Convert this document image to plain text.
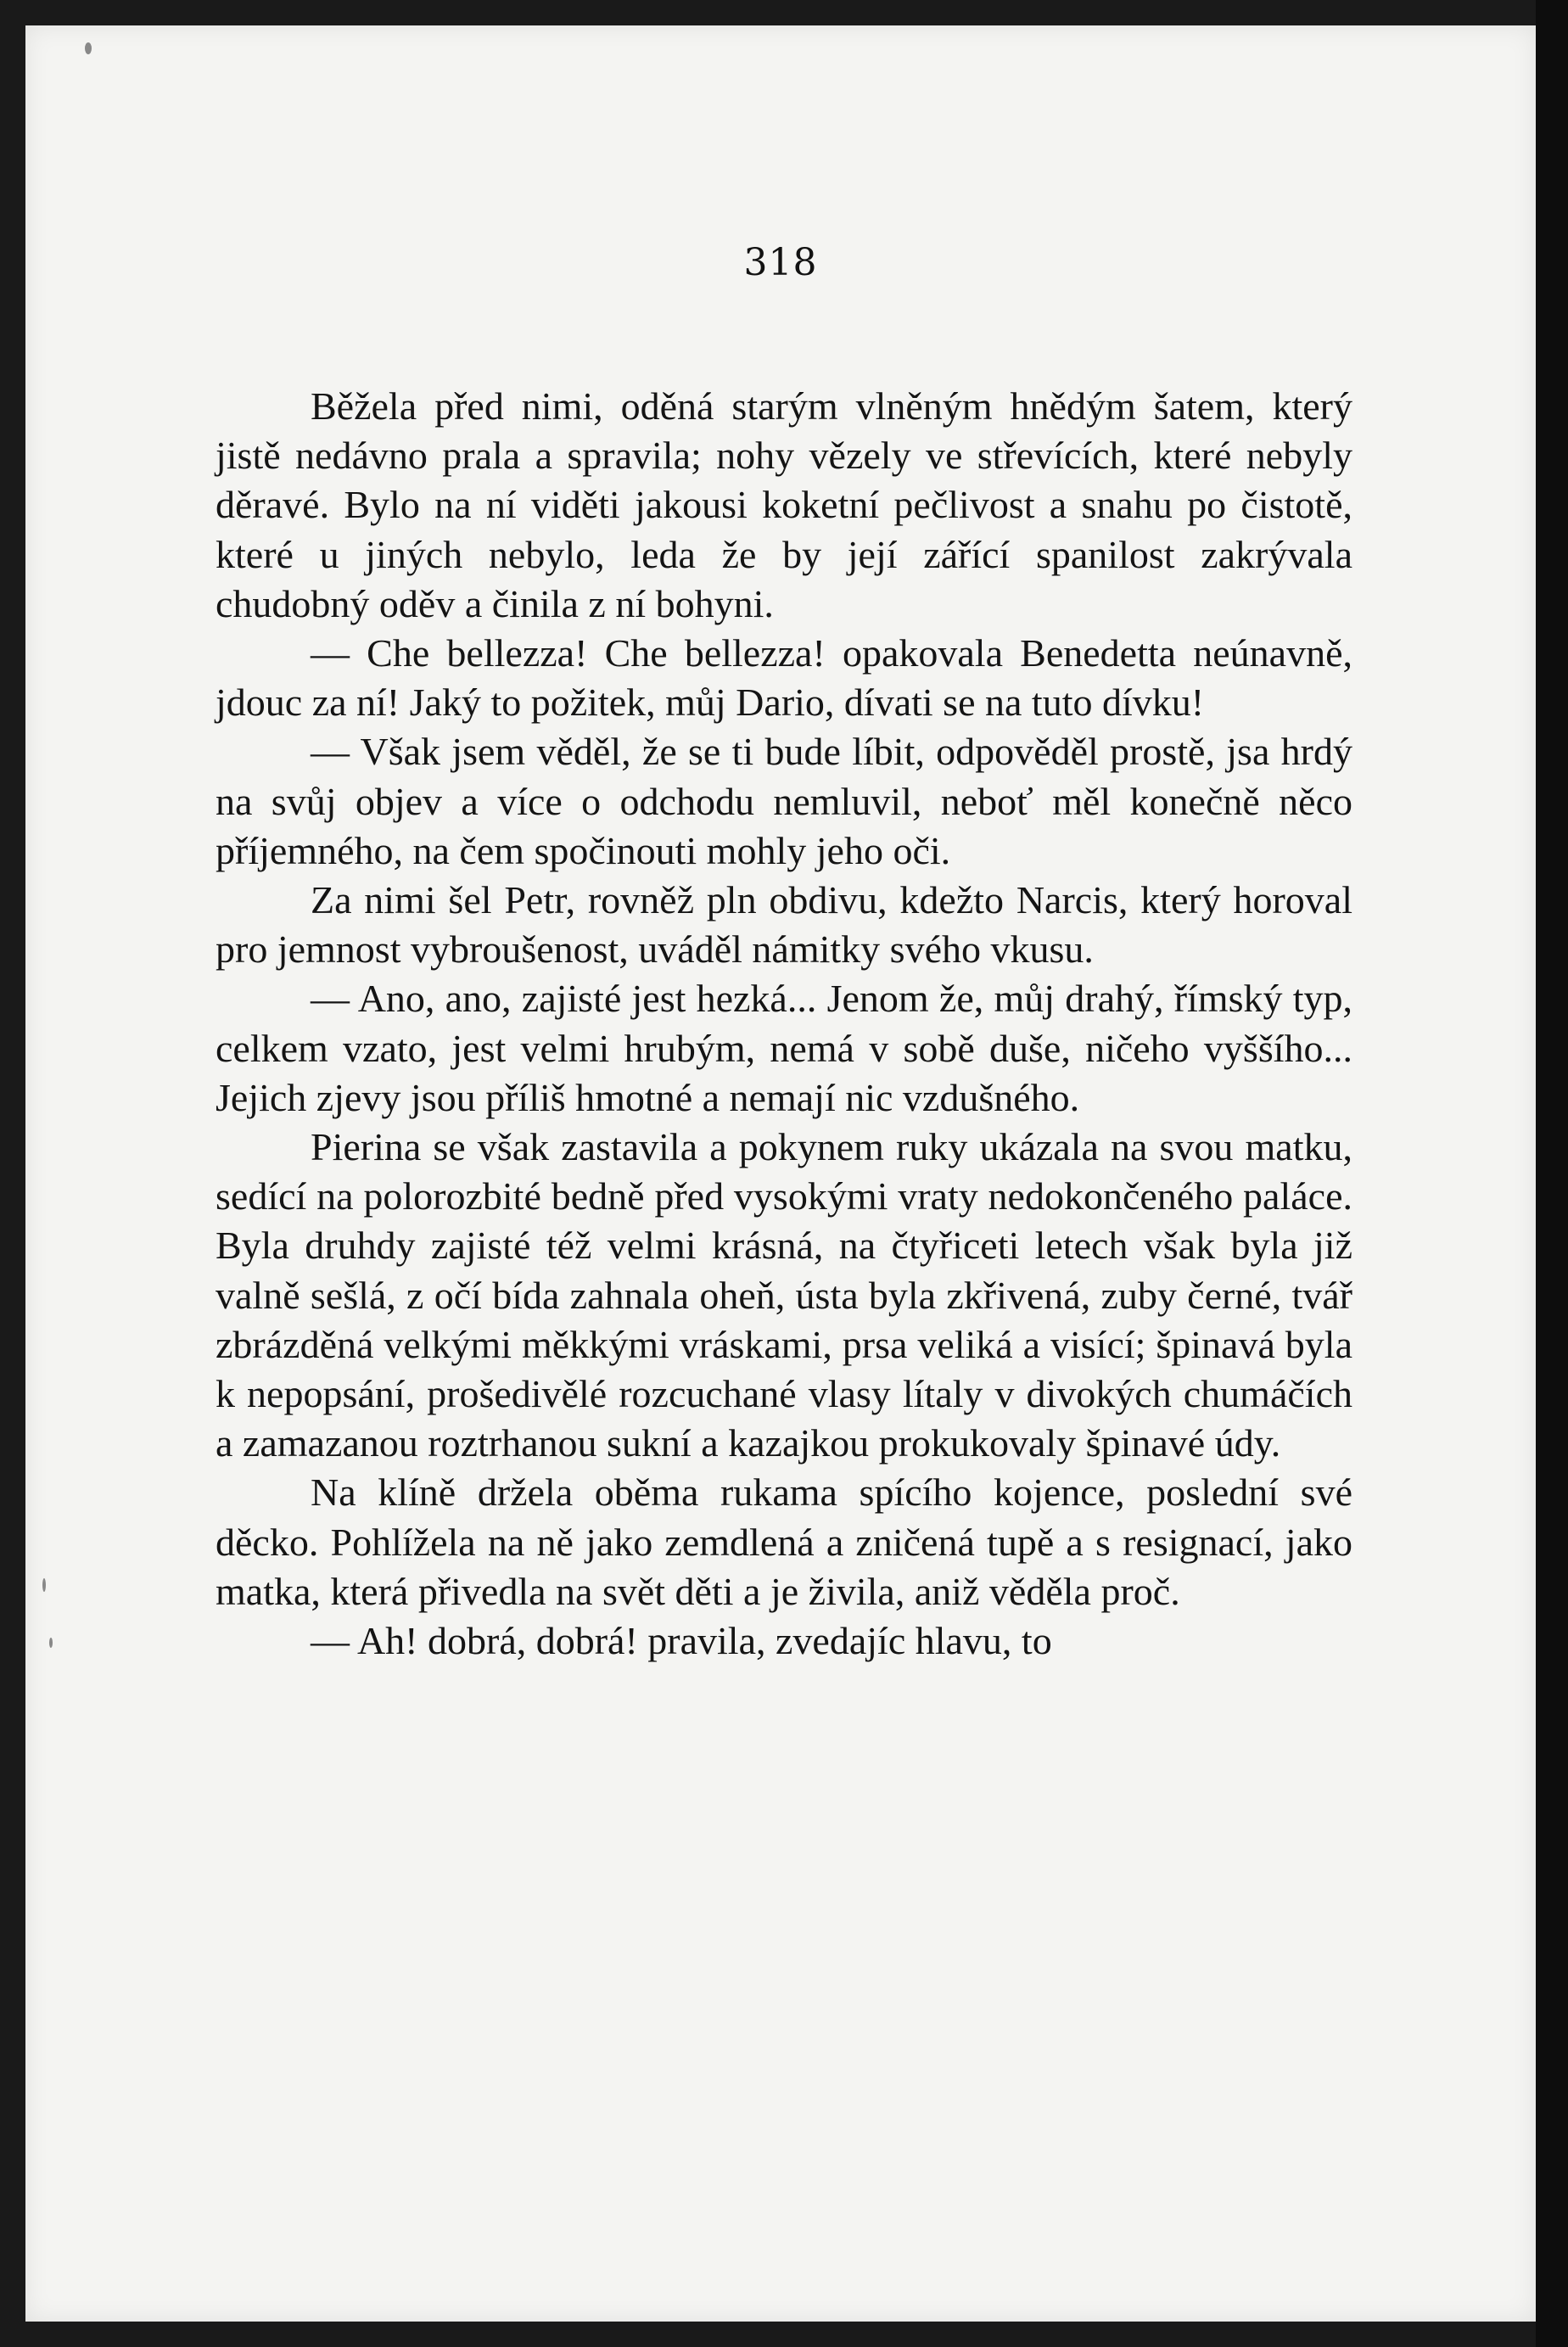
318

Běžela před nimi, oděná starým vlněným hnědým šatem, který jistě nedávno prala a spravila; nohy vězely ve střevících, které nebyly děravé. Bylo na ní viděti jakousi koketní pečlivost a snahu po čistotě, které u jiných nebylo, leda že by její zářící spanilost zakrývala chudobný oděv a činila z ní bohyni.

— Che bellezza! Che bellezza! opakovala Benedetta neúnavně, jdouc za ní! Jaký to požitek, můj Dario, dívati se na tuto dívku!

— Však jsem věděl, že se ti bude líbit, odpověděl prostě, jsa hrdý na svůj objev a více o odchodu nemluvil, neboť měl konečně něco příjemného, na čem spočinouti mohly jeho oči.

Za nimi šel Petr, rovněž pln obdivu, kdežto Narcis, který horoval pro jemnost vybroušenost, uváděl námitky svého vkusu.

— Ano, ano, zajisté jest hezká... Jenom že, můj drahý, římský typ, celkem vzato, jest velmi hrubým, nemá v sobě duše, ničeho vyššího... Jejich zjevy jsou příliš hmotné a nemají nic vzdušného.

Pierina se však zastavila a pokynem ruky ukázala na svou matku, sedící na polorozbité bedně před vysokými vraty nedokončeného paláce. Byla druhdy zajisté též velmi krásná, na čtyřiceti letech však byla již valně sešlá, z očí bída zahnala oheň, ústa byla zkřivená, zuby černé, tvář zbrázděná velkými měkkými vráskami, prsa veliká a visící; špinavá byla k nepopsání, prošedivělé rozcuchané vlasy lítaly v divokých chumáčích a zamazanou roztrhanou sukní a kazajkou prokukovaly špinavé údy.

Na klíně držela oběma rukama spícího kojence, poslední své děcko. Pohlížela na ně jako zemdlená a zničená tupě a s resignací, jako matka, která přivedla na svět děti a je živila, aniž věděla proč.

— Ah! dobrá, dobrá! pravila, zvedajíc hlavu, to
